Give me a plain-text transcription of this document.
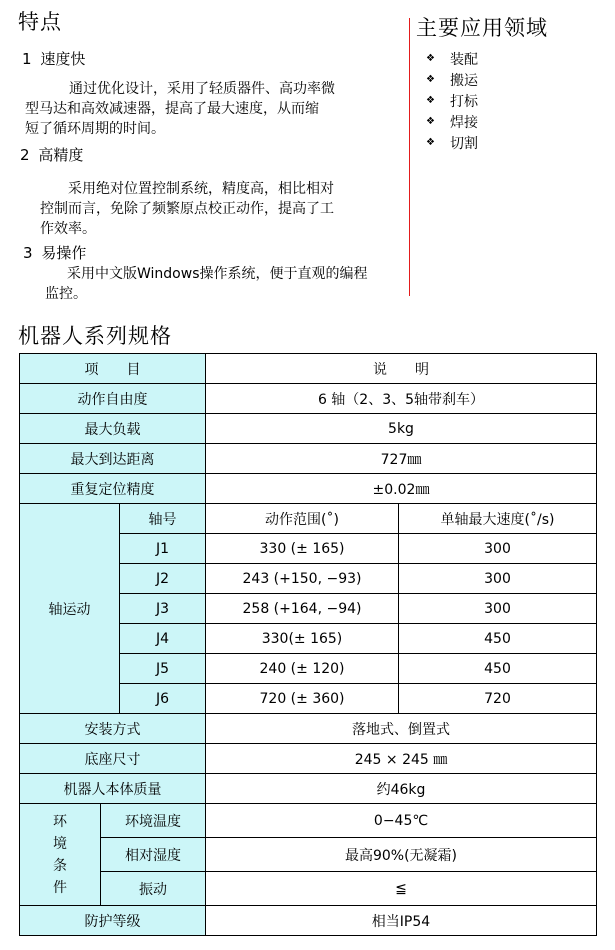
特点
1 速度快
通过优化设计，采用了轻质器件、高功率微
型马达和高效减速器，提高了最大速度，从而缩
短了循环周期的时间。
2 高精度
采用绝对位置控制系统，精度高，相比相对
控制而言，免除了频繁原点校正动作，提高了工
作效率。
3 易操作
采用中文版Windows操作系统，便于直观的编程
监控。
主要应用领域
❖	装配
❖	搬运
❖	打标
❖	焊接
❖	切割
机器人系列规格
项　　目			说　　明	
动作自由度			6 轴（2、3、5轴带刹车）	
最大负载			5kg	
最大到达距离			727㎜	
重复定位精度			±0.02㎜	
轴运动		轴号	动作范围(˚)	单轴最大速度(˚/s)
		J1	330 (± 165)	300
		J2	243 (+150, −93)	300
		J3	258 (+164, −94)	300
		J4	330(± 165)	450
		J5	240 (± 120)	450
		J6	720 (± 360)	720
安装方式			落地式、倒置式	
底座尺寸			245 × 245 ㎜	
机器人本体质量			约46kg	

环
境
条
件	环境温度		0−45℃	
	相对湿度		最高90%(无凝霜)	
	振动		≦	
防护等级			相当IP54	
